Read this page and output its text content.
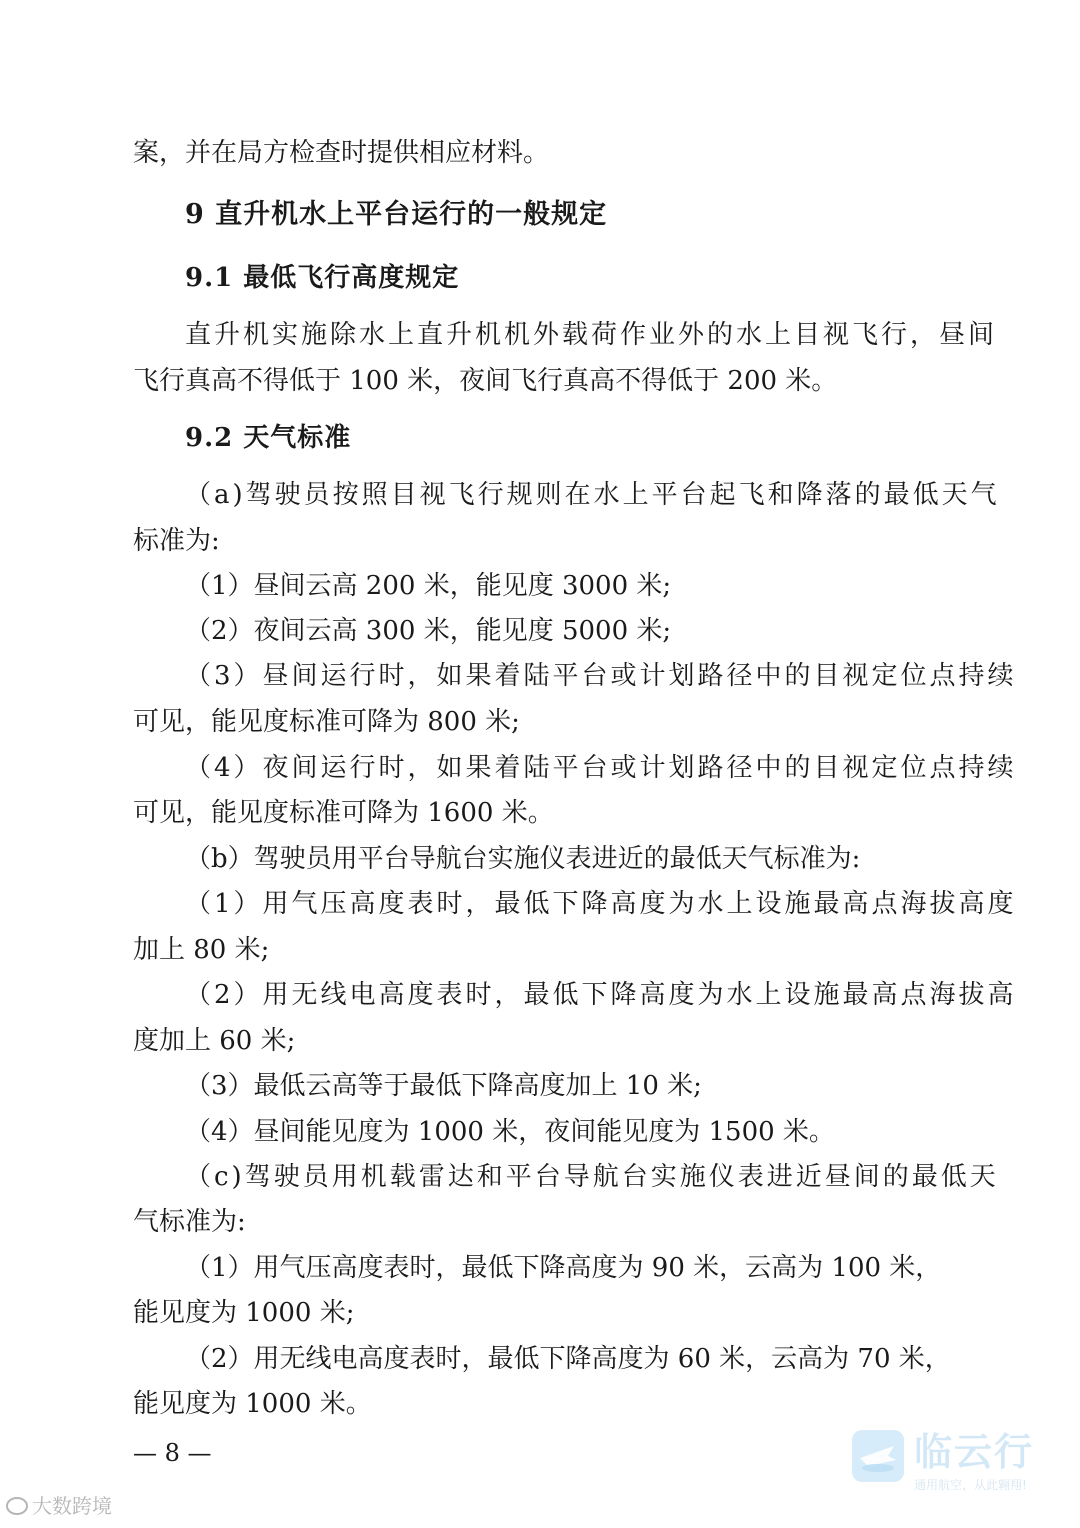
案，并在局方检查时提供相应材料。
9 直升机水上平台运行的一般规定
9.1 最低飞行高度规定
直升机实施除水上直升机机外载荷作业外的水上目视飞行，昼间
飞行真高不得低于 100 米，夜间飞行真高不得低于 200 米。
9.2 天气标准
（a)驾驶员按照目视飞行规则在水上平台起飞和降落的最低天气
标准为:
（1）昼间云高 200 米，能见度 3000 米;
（2）夜间云高 300 米，能见度 5000 米;
（3）昼间运行时，如果着陆平台或计划路径中的目视定位点持续
可见，能见度标准可降为 800 米;
（4）夜间运行时，如果着陆平台或计划路径中的目视定位点持续
可见，能见度标准可降为 1600 米。
（b）驾驶员用平台导航台实施仪表进近的最低天气标准为:
（1）用气压高度表时，最低下降高度为水上设施最高点海拔高度
加上 80 米;
（2）用无线电高度表时，最低下降高度为水上设施最高点海拔高
度加上 60 米;
（3）最低云高等于最低下降高度加上 10 米;
（4）昼间能见度为 1000 米，夜间能见度为 1500 米。
（c)驾驶员用机载雷达和平台导航台实施仪表进近昼间的最低天
气标准为:
（1）用气压高度表时，最低下降高度为 90 米，云高为 100 米，
能见度为 1000 米;
（2）用无线电高度表时，最低下降高度为 60 米，云高为 70 米，
能见度为 1000 米。
— 8 —
大数跨境
临云行
通用航空，从此翱翔!
